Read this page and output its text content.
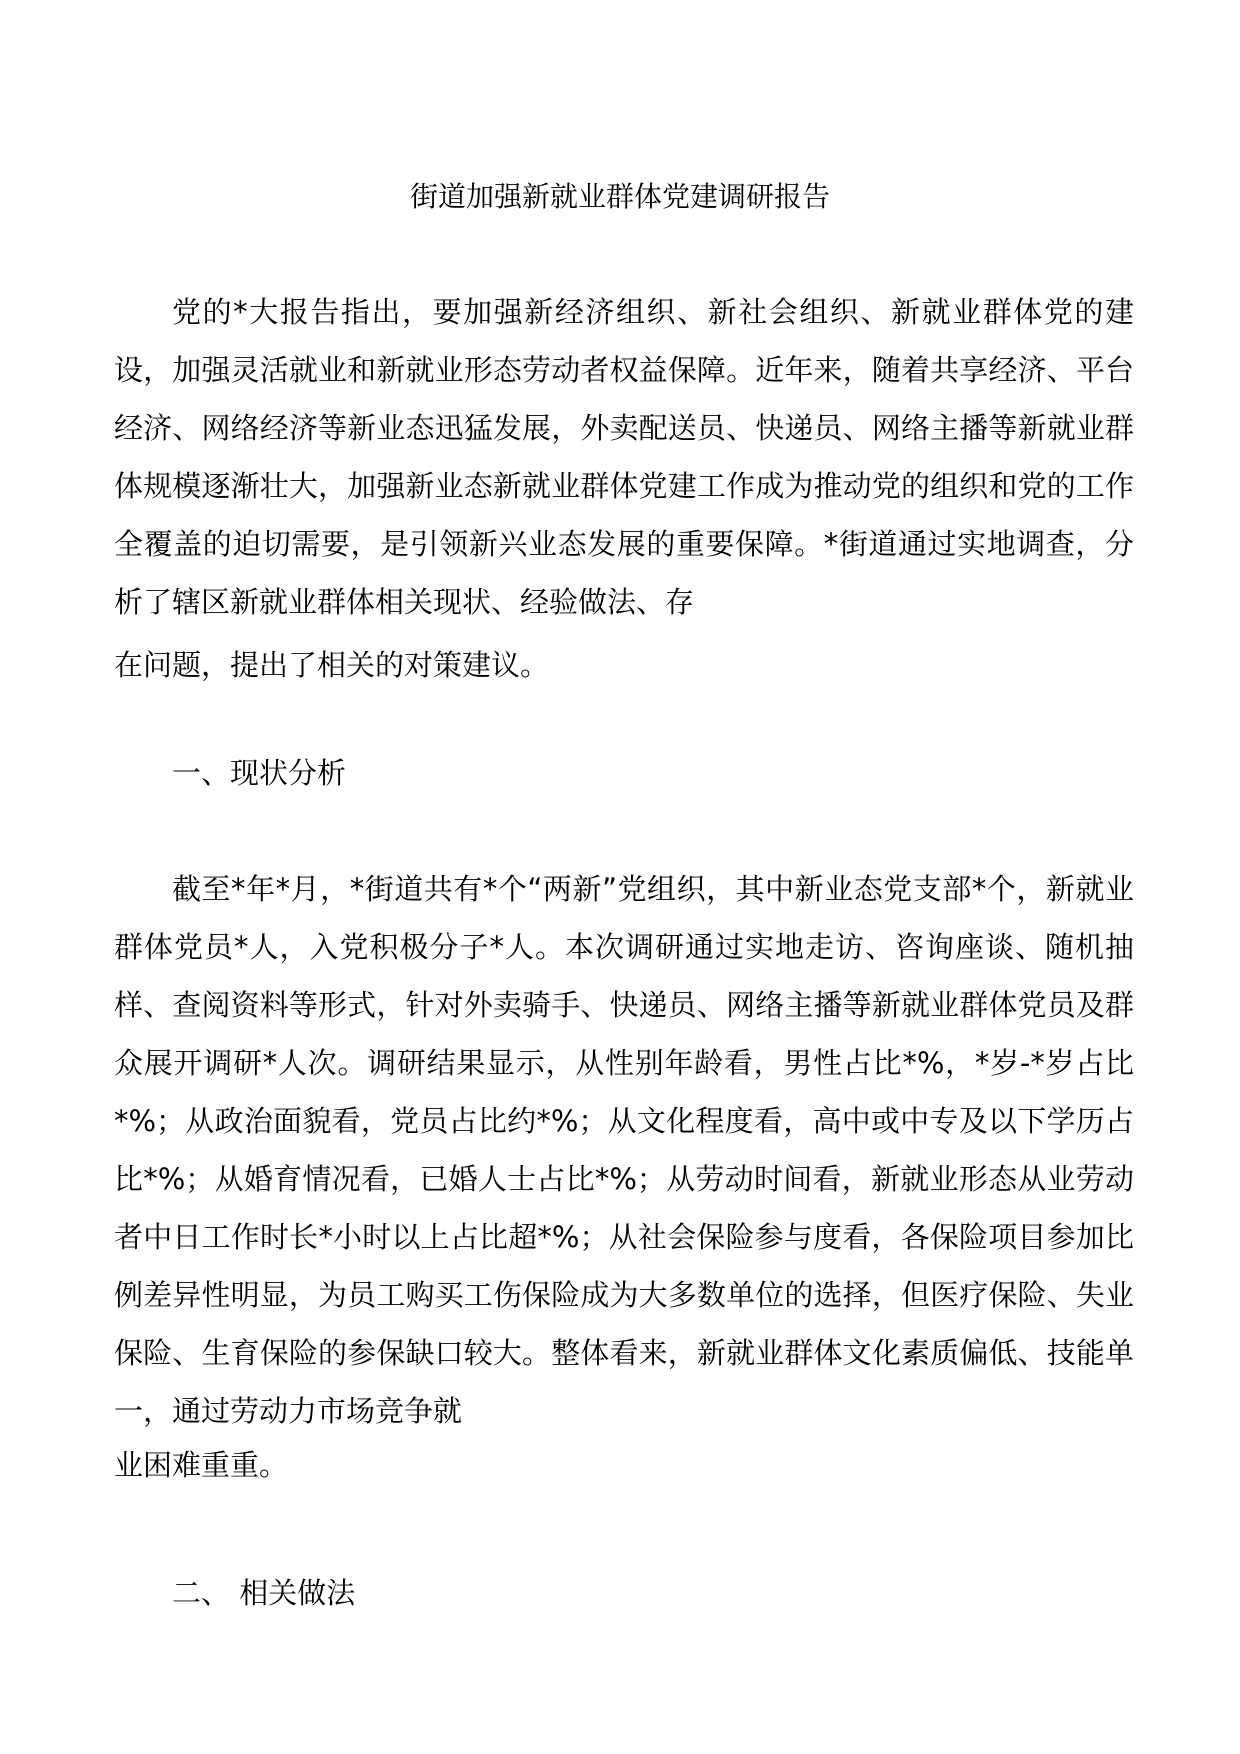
街道加强新就业群体党建调研报告

党的*大报告指出，要加强新经济组织、新社会组织、新就业群体党的建设，加强灵活就业和新就业形态劳动者权益保障。近年来，随着共享经济、平台经济、网络经济等新业态迅猛发展，外卖配送员、快递员、网络主播等新就业群体规模逐渐壮大，加强新业态新就业群体党建工作成为推动党的组织和党的工作全覆盖的迫切需要，是引领新兴业态发展的重要保障。*街道通过实地调查，分析了辖区新就业群体相关现状、经验做法、存

在问题，提出了相关的对策建议。
一、现状分析

截至*年*月，*街道共有*个“两新”党组织，其中新业态党支部*个，新就业群体党员*人，入党积极分子*人。本次调研通过实地走访、咨询座谈、随机抽样、查阅资料等形式，针对外卖骑手、快递员、网络主播等新就业群体党员及群众展开调研*人次。调研结果显示，从性别年龄看，男性占比*%，*岁-*岁占比*%；从政治面貌看，党员占比约*%；从文化程度看，高中或中专及以下学历占比*%；从婚育情况看，已婚人士占比*%；从劳动时间看，新就业形态从业劳动者中日工作时长*小时以上占比超*%；从社会保险参与度看，各保险项目参加比例差异性明显，为员工购买工伤保险成为大多数单位的选择，但医疗保险、失业保险、生育保险的参保缺口较大。整体看来，新就业群体文化素质偏低、技能单一，通过劳动力市场竞争就

业困难重重。
二、 相关做法
